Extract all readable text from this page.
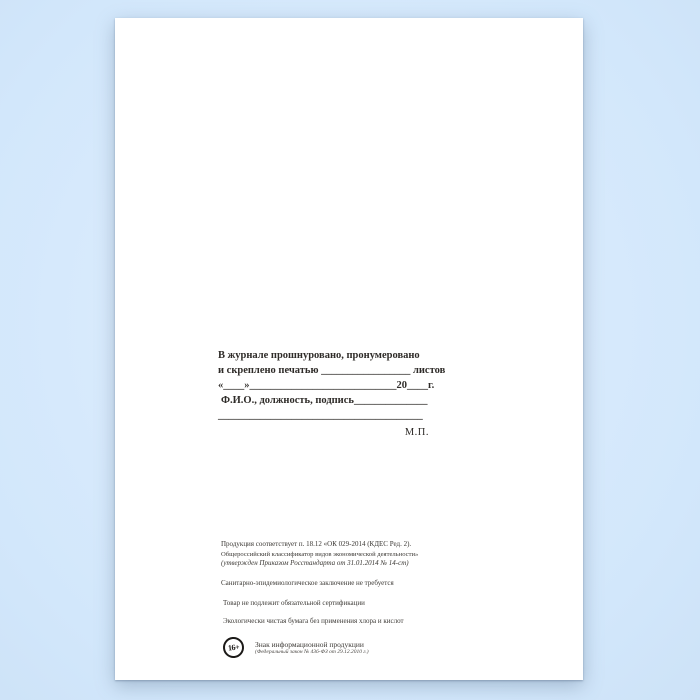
В журнале прошнуровано, пронумеровано
и скреплено печатью _________________ листов
«____»____________________________20____г.
Ф.И.О., должность, подпись______________
_______________________________________
М.П.
Продукция соответствует п. 18.12 «ОК 029-2014 (КДЕС Ред. 2).
Общероссийский классификатор видов экономической деятельности»
(утвержден Приказом Росстандарта от 31.01.2014 № 14-ст)
Санитарно-эпидемиологическое заключение не требуется
Товар не подлежит обязательной сертификации
Экологически чистая бумага без применения хлора и кислот
16+	Знак информационной продукции
(Федеральный закон № 436-ФЗ от 29.12.2010 г.)
